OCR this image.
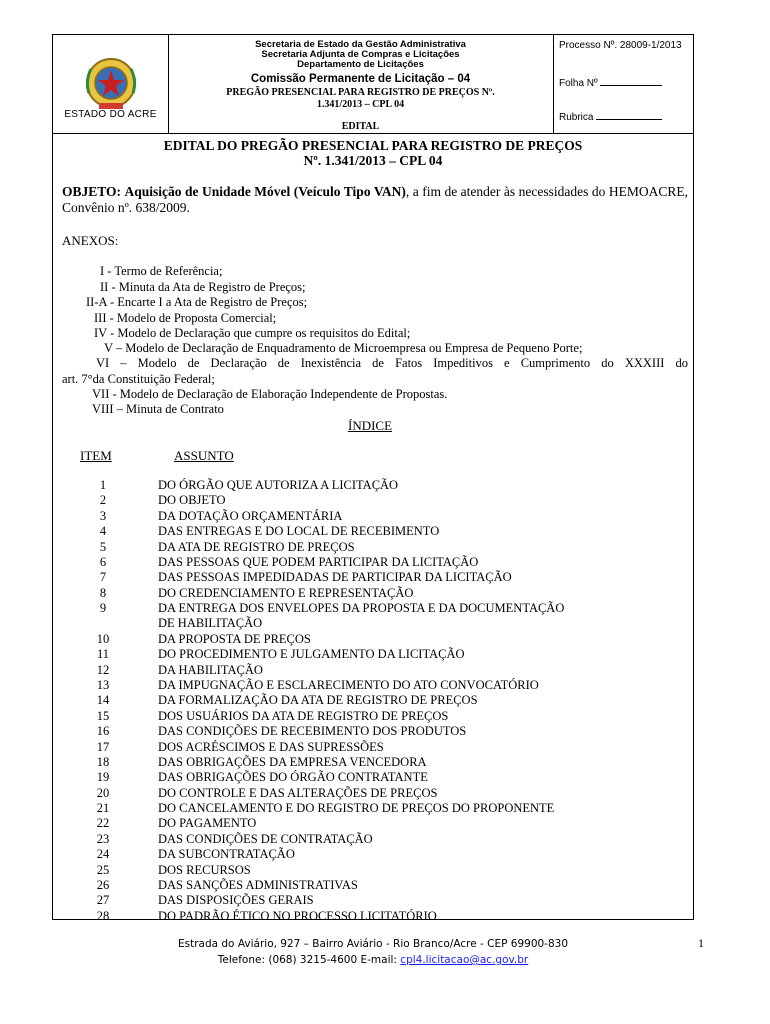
ESTADO DO ACRE
Secretaria de Estado da Gestão Administrativa
Secretaria Adjunta de Compras e Licitações
Departamento de Licitações
Comissão Permanente de Licitação – 04
PREGÃO PRESENCIAL PARA REGISTRO DE PREÇOS Nº.
1.341/2013 – CPL 04
EDITAL
Processo Nº. 28009-1/2013
Folha Nº
Rubrica
EDITAL DO PREGÃO PRESENCIAL PARA REGISTRO DE PREÇOS
Nº. 1.341/2013 – CPL 04
OBJETO: Aquisição de Unidade Móvel (Veículo Tipo VAN), a fim de atender às necessidades do HEMOACRE, Convênio nº. 638/2009.
ANEXOS:
I - Termo de Referência;
II - Minuta da Ata de Registro de Preços;
II-A - Encarte I a Ata de Registro de Preços;
III - Modelo de Proposta Comercial;
IV - Modelo de Declaração que cumpre os requisitos do Edital;
V – Modelo de Declaração de Enquadramento de Microempresa ou Empresa de Pequeno Porte;
VI – Modelo de Declaração de Inexistência de Fatos Impeditivos e Cumprimento do XXXIII do
art. 7°da Constituição Federal;
VII - Modelo de Declaração de Elaboração Independente de Propostas.
VIII – Minuta de Contrato
ÍNDICE
ITEM	ASSUNTO
1	DO ÓRGÃO QUE AUTORIZA A LICITAÇÃO
2	DO OBJETO
3	DA DOTAÇÃO ORÇAMENTÁRIA
4	DAS ENTREGAS E DO LOCAL DE RECEBIMENTO
5	DA ATA DE REGISTRO DE PREÇOS
6	DAS PESSOAS QUE PODEM PARTICIPAR DA LICITAÇÃO
7	DAS PESSOAS IMPEDIDADAS DE PARTICIPAR DA LICITAÇÃO
8	DO CREDENCIAMENTO E REPRESENTAÇÃO
9	DA ENTREGA DOS ENVELOPES DA PROPOSTA E DA DOCUMENTAÇÃO
DE HABILITAÇÃO
10	DA PROPOSTA DE PREÇOS
11	DO PROCEDIMENTO E JULGAMENTO DA LICITAÇÃO
12	DA HABILITAÇÃO
13	DA IMPUGNAÇÃO E ESCLARECIMENTO DO ATO CONVOCATÓRIO
14	DA FORMALIZAÇÃO DA ATA DE REGISTRO DE PREÇOS
15	DOS USUÁRIOS DA ATA DE REGISTRO DE PREÇOS
16	DAS CONDIÇÕES DE RECEBIMENTO DOS PRODUTOS
17	DOS ACRÉSCIMOS E DAS SUPRESSÕES
18	DAS OBRIGAÇÕES DA EMPRESA VENCEDORA
19	DAS OBRIGAÇÕES DO ÓRGÃO CONTRATANTE
20	DO CONTROLE E DAS ALTERAÇÕES DE PREÇOS
21	DO CANCELAMENTO E DO REGISTRO DE PREÇOS DO PROPONENTE
22	DO PAGAMENTO
23	DAS CONDIÇÕES DE CONTRATAÇÃO
24	DA SUBCONTRATAÇÃO
25	DOS RECURSOS
26	DAS SANÇÕES ADMINISTRATIVAS
27	DAS DISPOSIÇÕES GERAIS
28	DO PADRÃO ÉTICO NO PROCESSO LICITATÓRIO
Estrada do Aviário, 927 – Bairro Aviário - Rio Branco/Acre - CEP 69900-830
Telefone: (068) 3215-4600 E-mail: cpl4.licitacao@ac.gov.br
1
